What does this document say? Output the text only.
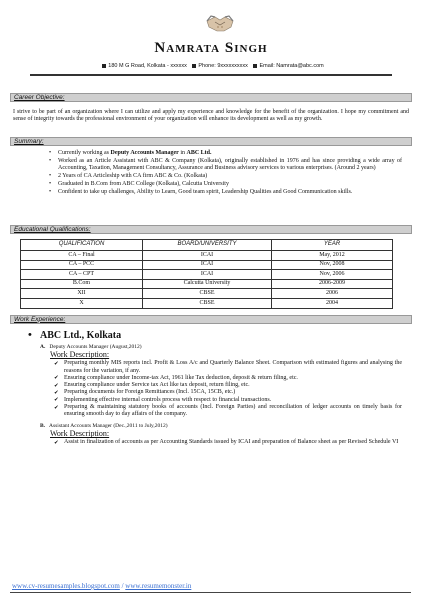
NAMRATA SINGH
180 M G Road, Kolkata - xxxxxx Phone: 9xxxxxxxxxx Email: Namrata@abc.com
Career Objective:
I strive to be part of an organization where I can utilize and apply my experience and knowledge for the benefit of the organization. I hope my commitment and sense of integrity towards the professional environment of your organization will enhance its development as well as my growth.
Summary:
• Currently working as Deputy Accounts Manager in ABC Ltd.
• Worked as an Article Assistant with ABC & Company (Kolkata), originally established in 1976 and has since providing a wide array of Accounting, Taxation, Management Consultancy, Assurance and Business advisory services to various enterprises. (Around 2 years)
• 2 Years of CA Articleship with CA firm ABC & Co. (Kolkata)
• Graduated in B.Com from ABC College (Kolkata), Calcutta University
• Confident to take up challenges, Ability to Learn, Good team spirit, Leadership Qualities and Good Communication skills.
Educational Qualifications:
QUALIFICATION	BOARD/UNIVERSITY	YEAR
CA – Final	ICAI	May, 2012
CA – PCC	ICAI	Nov, 2008
CA – CPT	ICAI	Nov, 2006
B.Com	Calcutta University	2006-2009
XII	CBSE	2006
X	CBSE	2004
Work Experience:
• ABC Ltd., Kolkata
A. Deputy Accounts Manager (August,2012)
Work Description:
✔ Preparing monthly MIS reports incl. Profit & Loss A/c and Quarterly Balance Sheet. Comparison with estimated figures and analysing the reasons for the variation, if any.
✔ Ensuring compliance under Income-tax Act, 1961 like Tax deduction, deposit & return filing, etc.
✔ Ensuring compliance under Service tax Act like tax deposit, return filing, etc.
✔ Preparing documents for Foreign Remittances (Incl. 15CA, 15CB, etc.)
✔ Implementing effective internal controls process with respect to financial transactions.
✔ Preparing & maintaining statutory books of accounts (Incl. Foreign Parties) and reconciliation of ledger accounts on timely basis for ensuring smooth day to day affairs of the company.
B. Assistant Accounts Manager (Dec.,2011 to July,2012)
Work Description:
✔ Assist in finalization of accounts as per Accounting Standards issued by ICAI and preparation of Balance sheet as per Revised Schedule VI
www.cv-resumesamples.blogspot.com / www.resumemonster.in
